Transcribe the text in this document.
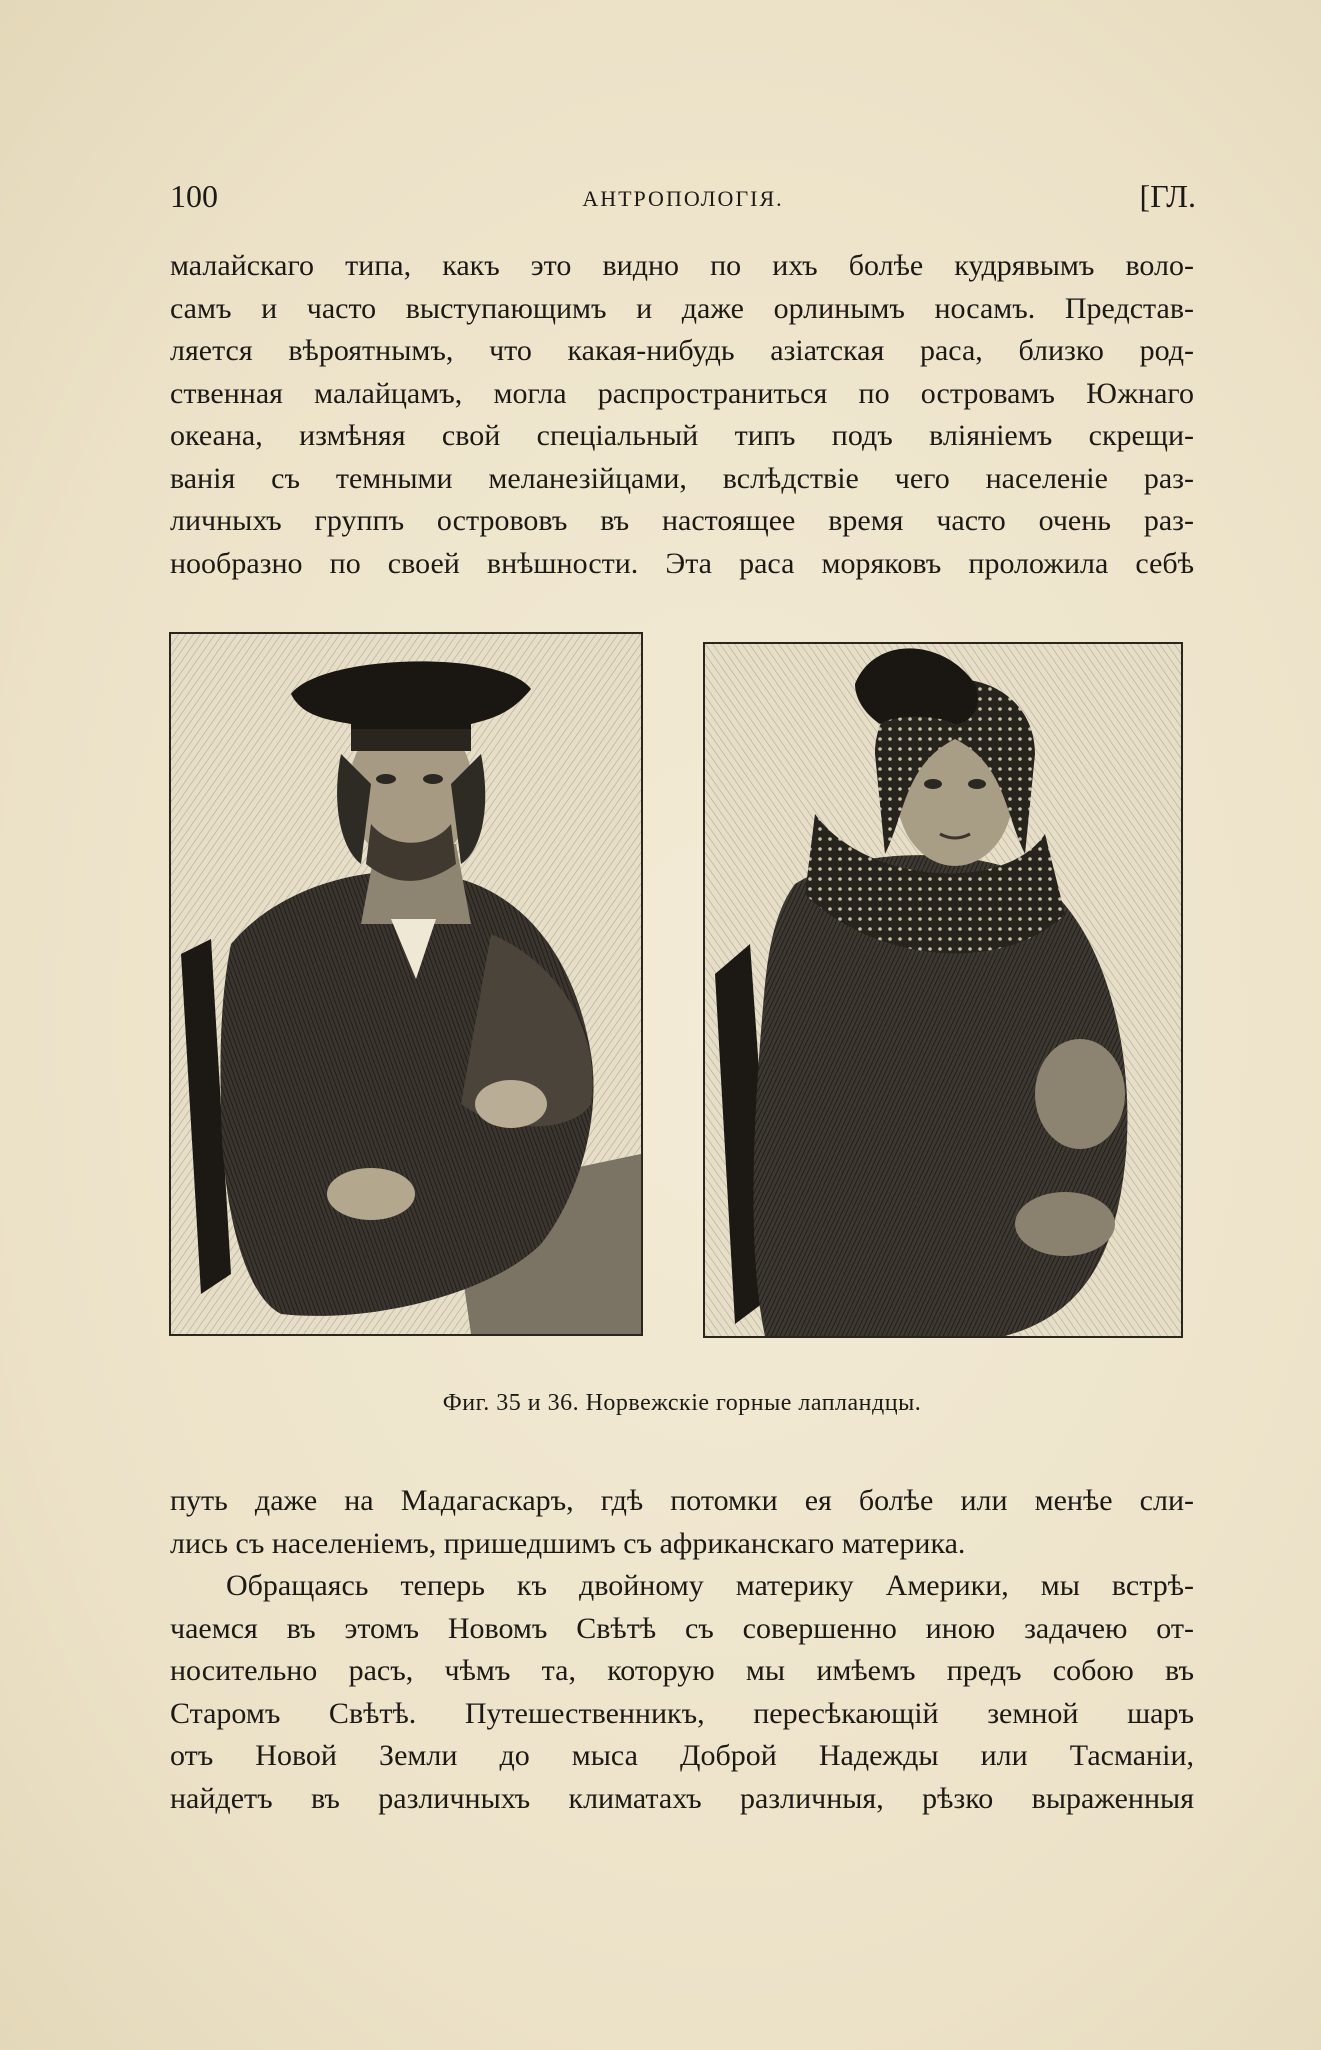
100	АНТРОПОЛОГІЯ.	[ГЛ.
малайскаго типа, какъ это видно по ихъ болѣе кудрявымъ воло-
самъ и часто выступающимъ и даже орлинымъ носамъ. Представ-
ляется вѣроятнымъ, что какая-нибудь азіатская раса, близко род-
ственная малайцамъ, могла распространиться по островамъ Южнаго
океана, измѣняя свой спеціальный типъ подъ вліяніемъ скрещи-
ванія съ темными меланезійцами, вслѣдствіе чего населеніе раз-
личныхъ группъ острововъ въ настоящее время часто очень раз-
нообразно по своей внѣшности. Эта раса моряковъ проложила себѣ
Фиг. 35 и 36. Норвежскіе горные лапландцы.
путь даже на Мадагаскаръ, гдѣ потомки ея болѣе или менѣе сли-
лись съ населеніемъ, пришедшимъ съ африканскаго материка.
Обращаясь теперь къ двойному материку Америки, мы встрѣ-
чаемся въ этомъ Новомъ Свѣтѣ съ совершенно иною задачею от-
носительно расъ, чѣмъ та, которую мы имѣемъ предъ собою въ
Старомъ Свѣтѣ. Путешественникъ, пересѣкающій земной шаръ
отъ Новой Земли до мыса Доброй Надежды или Тасманіи,
найдетъ въ различныхъ климатахъ различныя, рѣзко выраженныя
